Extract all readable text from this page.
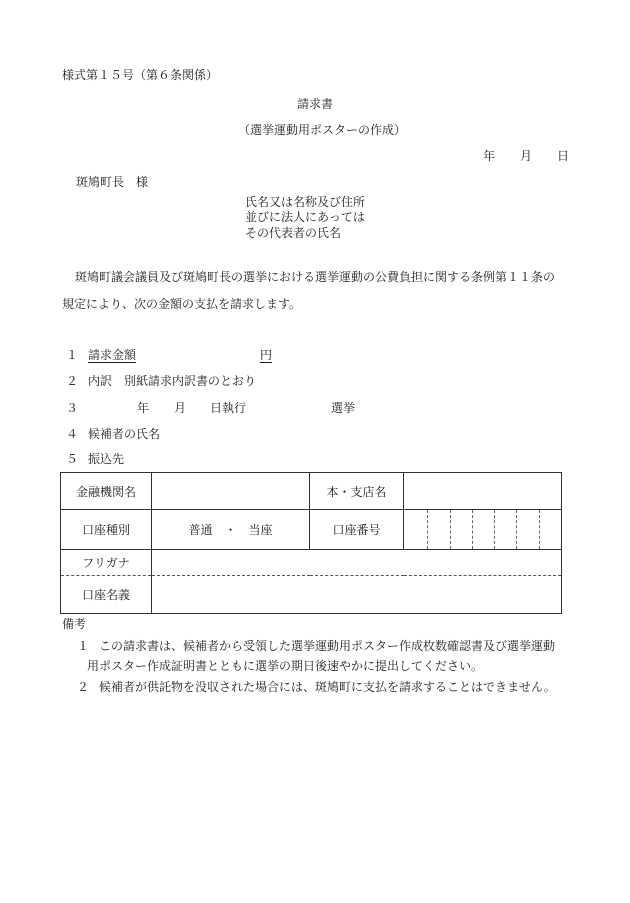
様式第１５号（第６条関係）
請求書
（選挙運動用ポスターの作成）
年 月 日
斑鳩町長　様
氏名又は名称及び住所
並びに法人にあっては
その代表者の氏名
斑鳩町議会議員及び斑鳩町長の選挙における選挙運動の公費負担に関する条例第１１条の
規定により、次の金額の支払を請求します。
１ 請求金額	円
２ 内訳　別紙請求内訳書のとおり
３	年 月 日執行	選挙
４ 候補者の氏名
５ 振込先
金融機関名		本・支店名	
口座種別	普通　・　当座	口座番号	

フリガナ			
口座名義			
備考
１ この請求書は、候補者から受領した選挙運動用ポスター作成枚数確認書及び選挙運動
用ポスター作成証明書とともに選挙の期日後速やかに提出してください。
２ 候補者が供託物を没収された場合には、斑鳩町に支払を請求することはできません。
